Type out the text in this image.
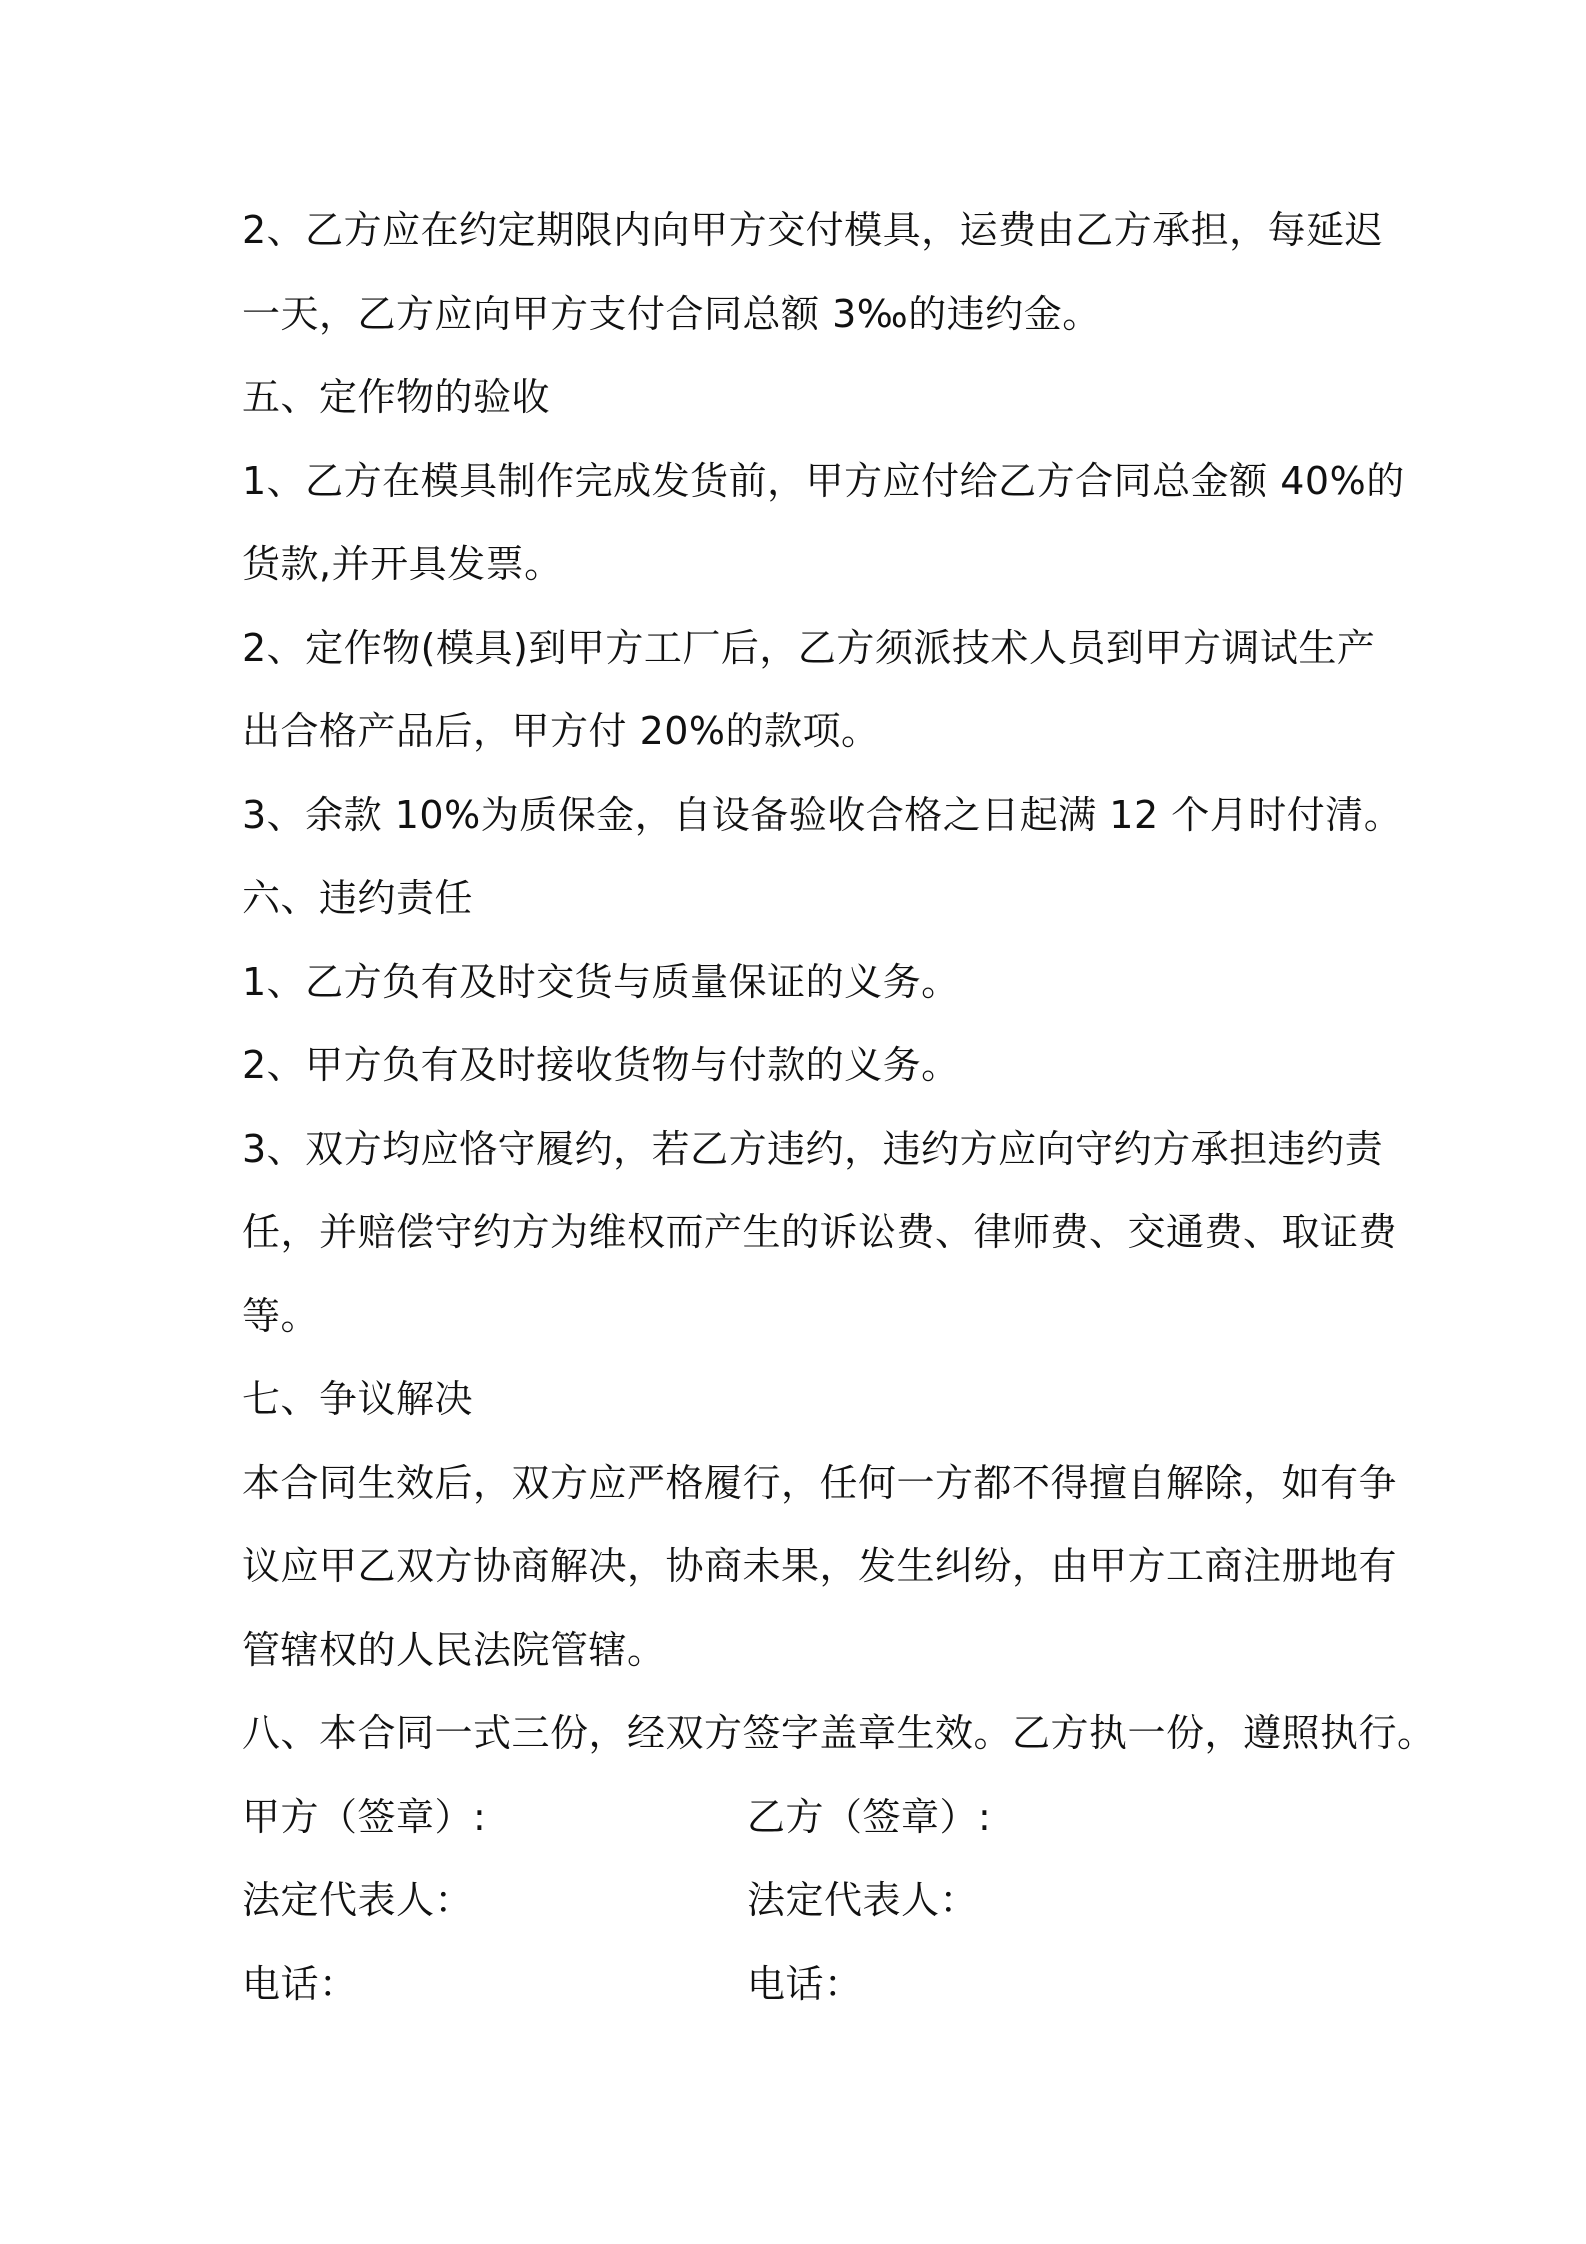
2、乙方应在约定期限内向甲方交付模具，运费由乙方承担，每延迟
一天，乙方应向甲方支付合同总额 3‰的违约金。
五、定作物的验收
1、乙方在模具制作完成发货前，甲方应付给乙方合同总金额 40%的
货款,并开具发票。
2、定作物(模具)到甲方工厂后，乙方须派技术人员到甲方调试生产
出合格产品后，甲方付 20%的款项。
3、余款 10%为质保金，自设备验收合格之日起满 12 个月时付清。
六、违约责任
1、乙方负有及时交货与质量保证的义务。
2、甲方负有及时接收货物与付款的义务。
3、双方均应恪守履约，若乙方违约，违约方应向守约方承担违约责
任，并赔偿守约方为维权而产生的诉讼费、律师费、交通费、取证费
等。
七、争议解决
本合同生效后，双方应严格履行，任何一方都不得擅自解除，如有争
议应甲乙双方协商解决，协商未果，发生纠纷，由甲方工商注册地有
管辖权的人民法院管辖。
八、本合同一式三份，经双方签字盖章生效。乙方执一份，遵照执行。
甲方（签章）:	乙方（签章）:
法定代表人：	法定代表人：
电话：	电话：
